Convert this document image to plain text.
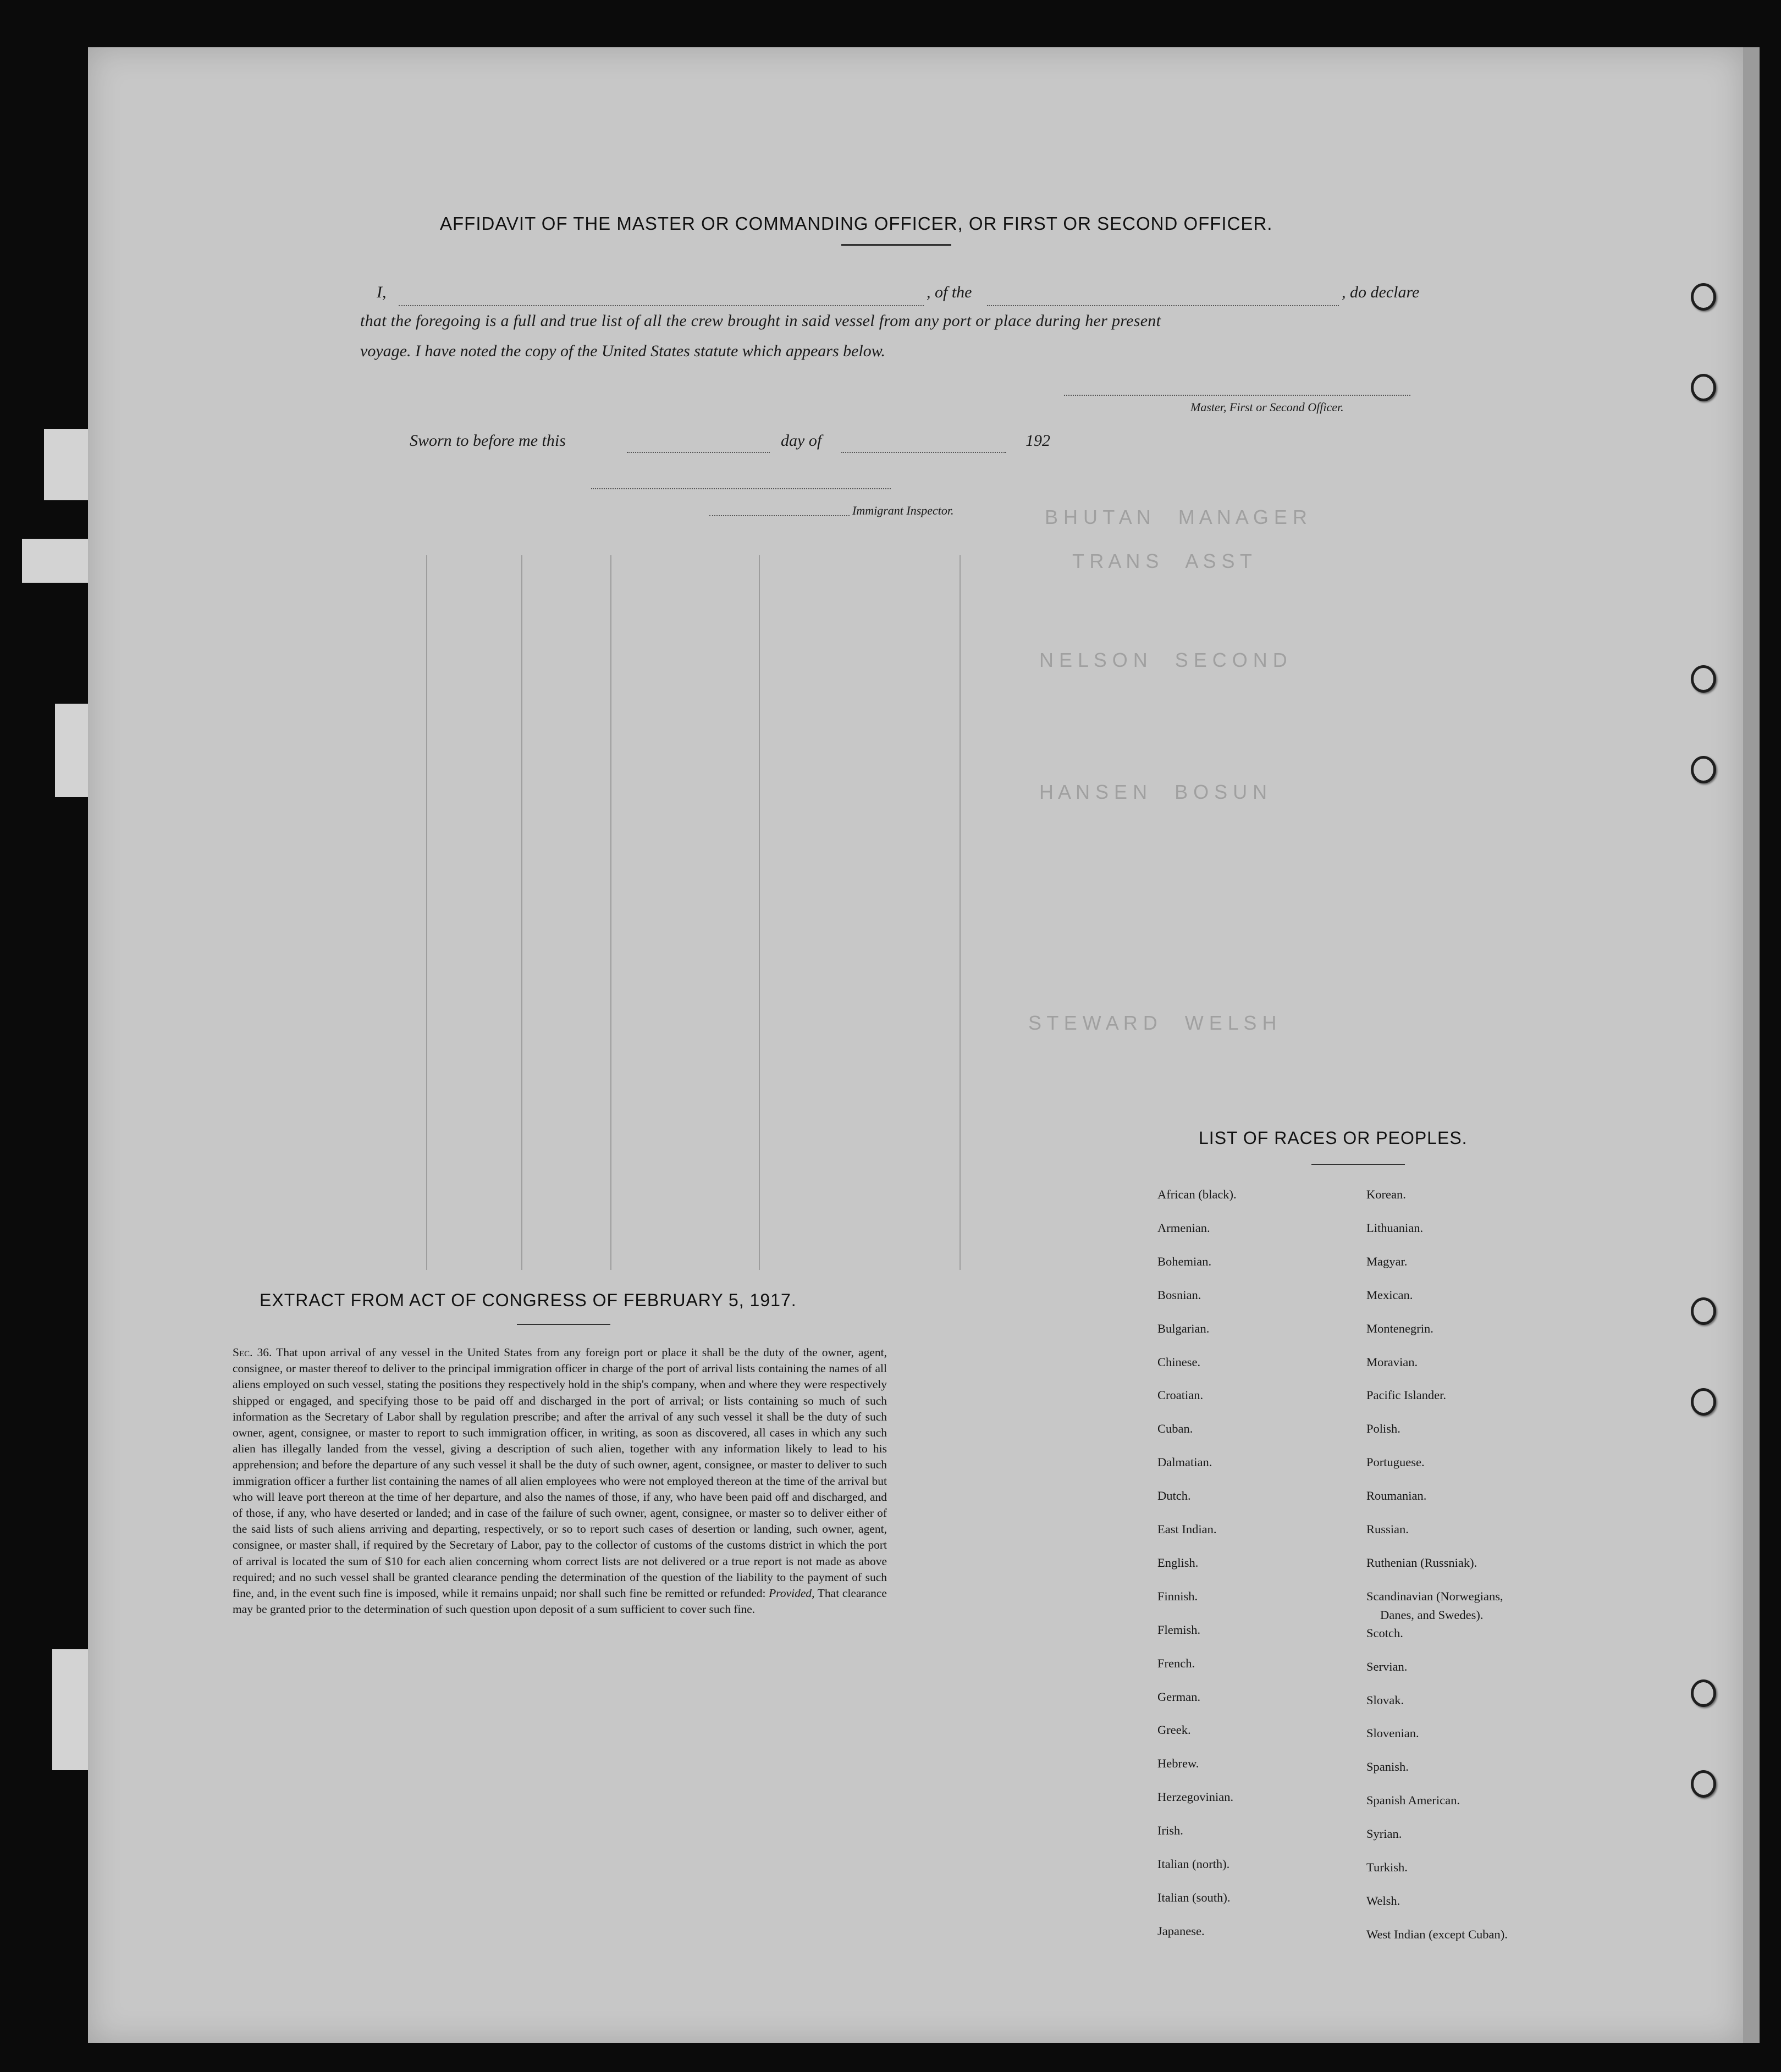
B H U T A N     M A N A G E R
T R A N S     A S S T
N E L S O N     S E C O N D
H A N S E N     B O S U N
S T E W A R D     W E L S H
AFFIDAVIT OF THE MASTER OR COMMANDING OFFICER, OR FIRST OR SECOND OFFICER.
I,	, of the	, do declare
that the foregoing is a full and true list of all the crew brought in said vessel from any port or place during her present
voyage. I have noted the copy of the United States statute which appears below.
Master, First or Second Officer.
Sworn to before me this	day of	192
Immigrant Inspector.
EXTRACT FROM ACT OF CONGRESS OF FEBRUARY 5, 1917.
Sec. 36. That upon arrival of any vessel in the United States from any foreign port or place it shall be the duty of the owner, agent, consignee, or master thereof to deliver to the principal immigration officer in charge of the port of arrival lists containing the names of all aliens employed on such vessel, stating the positions they respectively hold in the ship's company, when and where they were respectively shipped or engaged, and specifying those to be paid off and discharged in the port of arrival; or lists containing so much of such information as the Secretary of Labor shall by regulation prescribe; and after the arrival of any such vessel it shall be the duty of such owner, agent, consignee, or master to report to such immigration officer, in writing, as soon as discovered, all cases in which any such alien has illegally landed from the vessel, giving a description of such alien, together with any information likely to lead to his apprehension; and before the departure of any such vessel it shall be the duty of such owner, agent, consignee, or master to deliver to such immigration officer a further list containing the names of all alien employees who were not employed thereon at the time of the arrival but who will leave port thereon at the time of her departure, and also the names of those, if any, who have been paid off and discharged, and of those, if any, who have deserted or landed; and in case of the failure of such owner, agent, consignee, or master so to deliver either of the said lists of such aliens arriving and departing, respectively, or so to report such cases of desertion or landing, such owner, agent, consignee, or master shall, if required by the Secretary of Labor, pay to the collector of customs of the customs district in which the port of arrival is located the sum of $10 for each alien concerning whom correct lists are not delivered or a true report is not made as above required; and no such vessel shall be granted clearance pending the determination of the question of the liability to the payment of such fine, and, in the event such fine is imposed, while it remains unpaid; nor shall such fine be remitted or refunded: Provided, That clearance may be granted prior to the determination of such question upon deposit of a sum sufficient to cover such fine.
LIST OF RACES OR PEOPLES.
African (black).
Armenian.
Bohemian.
Bosnian.
Bulgarian.
Chinese.
Croatian.
Cuban.
Dalmatian.
Dutch.
East Indian.
English.
Finnish.
Flemish.
French.
German.
Greek.
Hebrew.
Herzegovinian.
Irish.
Italian (north).
Italian (south).
Japanese.
Korean.
Lithuanian.
Magyar.
Mexican.
Montenegrin.
Moravian.
Pacific Islander.
Polish.
Portuguese.
Roumanian.
Russian.
Ruthenian (Russniak).
Scandinavian (Norwegians,
Danes, and Swedes).
Scotch.
Servian.
Slovak.
Slovenian.
Spanish.
Spanish American.
Syrian.
Turkish.
Welsh.
West Indian (except Cuban).
